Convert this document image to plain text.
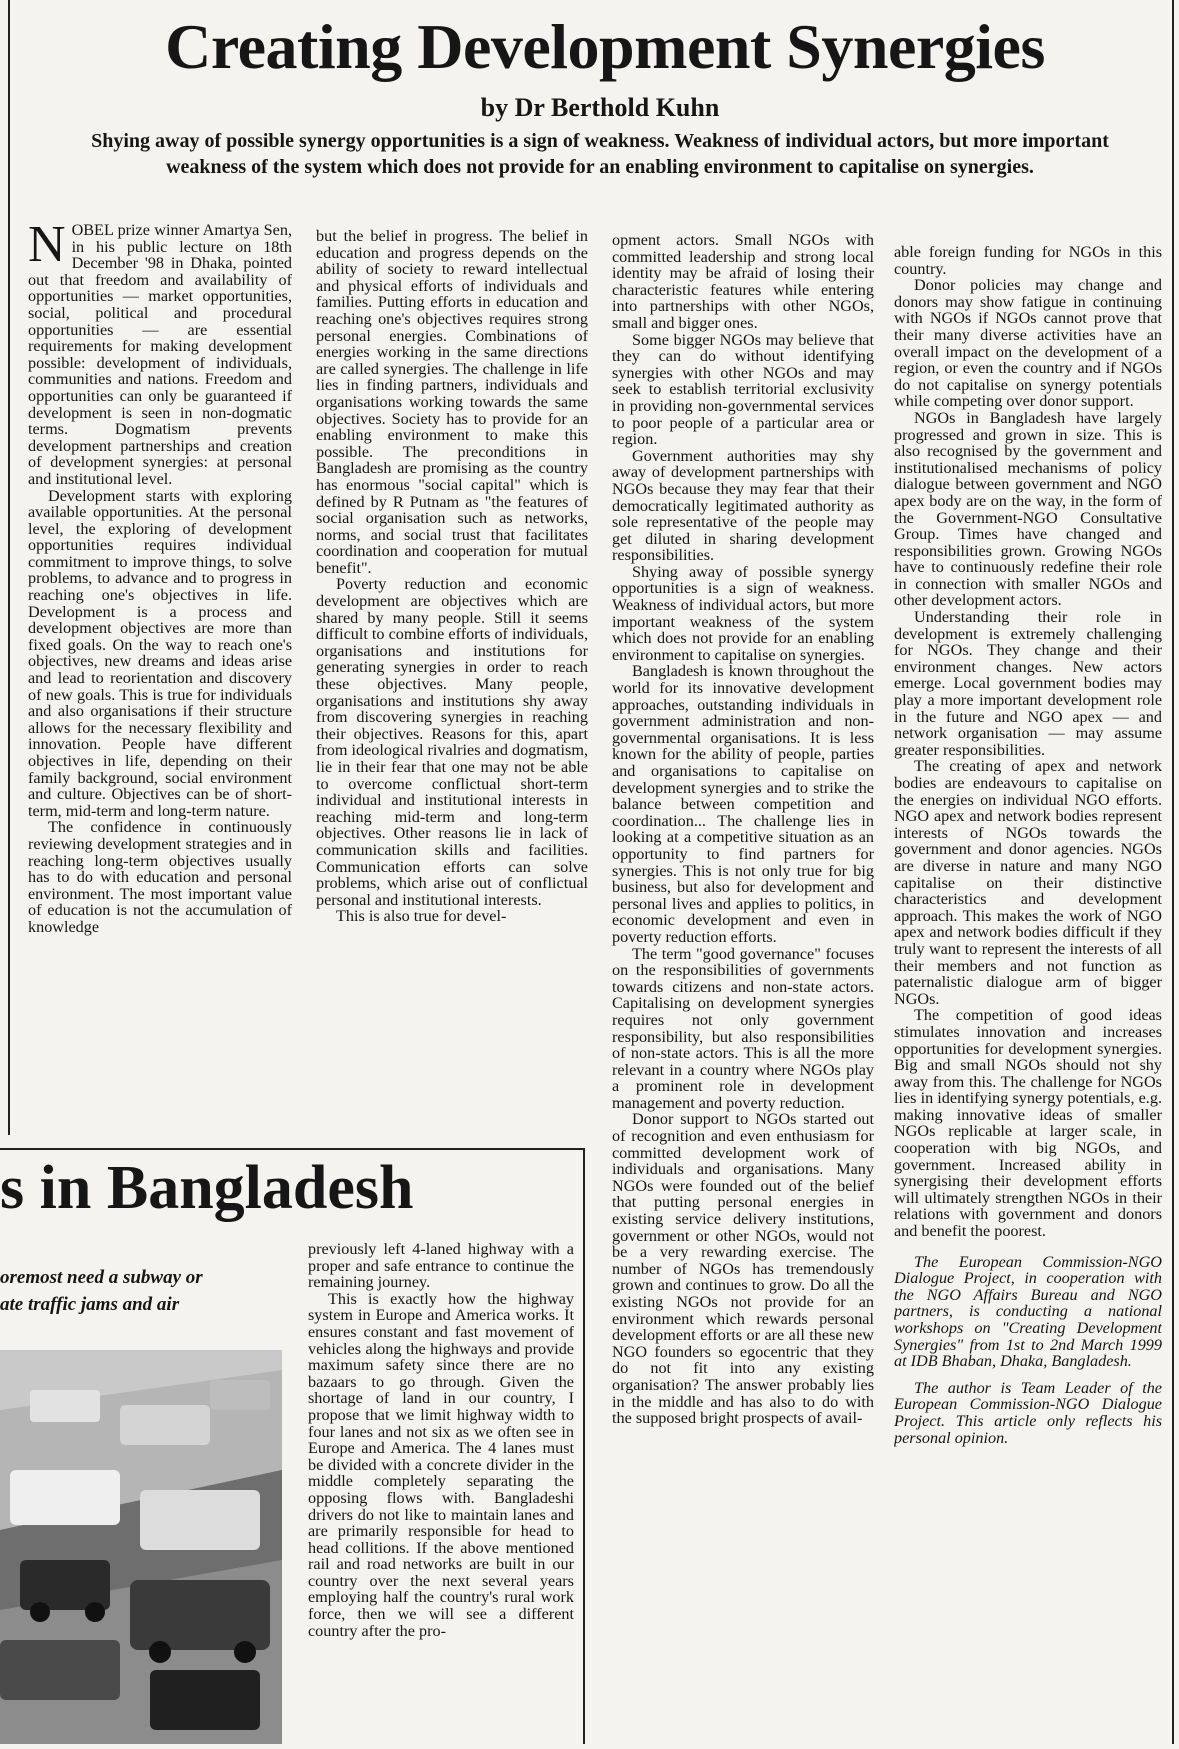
Creating Development Synergies
by Dr Berthold Kuhn
Shying away of possible synergy opportunities is a sign of weakness. Weakness of individual actors, but more important weakness of the system which does not provide for an enabling environment to capitalise on synergies.

NOBEL prize winner Amartya Sen, in his public lecture on 18th December '98 in Dhaka, pointed out that freedom and availability of opportunities — market opportunities, social, political and procedural opportunities — are essential requirements for making development possible: development of individuals, communities and nations. Freedom and opportunities can only be guaranteed if development is seen in non-dogmatic terms. Dogmatism prevents development partnerships and creation of development synergies: at personal and institutional level.

Development starts with exploring available opportunities. At the personal level, the exploring of development opportunities requires individual commitment to improve things, to solve problems, to advance and to progress in reaching one's objectives in life. Development is a process and development objectives are more than fixed goals. On the way to reach one's objectives, new dreams and ideas arise and lead to reorientation and discovery of new goals. This is true for individuals and also organisations if their structure allows for the necessary flexibility and innovation. People have different objectives in life, depending on their family background, social environment and culture. Objectives can be of short-term, mid-term and long-term nature.

The confidence in continuously reviewing development strategies and in reaching long-term objectives usually has to do with education and personal environment. The most important value of education is not the accumulation of knowledge

but the belief in progress. The belief in education and progress depends on the ability of society to reward intellectual and physical efforts of individuals and families. Putting efforts in education and reaching one's objectives requires strong personal energies. Combinations of energies working in the same directions are called synergies. The challenge in life lies in finding partners, individuals and organisations working towards the same objectives. Society has to provide for an enabling environment to make this possible. The preconditions in Bangladesh are promising as the country has enormous "social capital" which is defined by R Putnam as "the features of social organisation such as networks, norms, and social trust that facilitates coordination and cooperation for mutual benefit".

Poverty reduction and economic development are objectives which are shared by many people. Still it seems difficult to combine efforts of individuals, organisations and institutions for generating synergies in order to reach these objectives. Many people, organisations and institutions shy away from discovering synergies in reaching their objectives. Reasons for this, apart from ideological rivalries and dogmatism, lie in their fear that one may not be able to overcome conflictual short-term individual and institutional interests in reaching mid-term and long-term objectives. Other reasons lie in lack of communication skills and facilities. Communication efforts can solve problems, which arise out of conflictual personal and institutional interests.

This is also true for devel-

opment actors. Small NGOs with committed leadership and strong local identity may be afraid of losing their characteristic features while entering into partnerships with other NGOs, small and bigger ones.

Some bigger NGOs may believe that they can do without identifying synergies with other NGOs and may seek to establish territorial exclusivity in providing non-governmental services to poor people of a particular area or region.

Government authorities may shy away of development partnerships with NGOs because they may fear that their democratically legitimated authority as sole representative of the people may get diluted in sharing development responsibilities.

Shying away of possible synergy opportunities is a sign of weakness. Weakness of individual actors, but more important weakness of the system which does not provide for an enabling environment to capitalise on synergies.

Bangladesh is known throughout the world for its innovative development approaches, outstanding individuals in government administration and non-governmental organisations. It is less known for the ability of people, parties and organisations to capitalise on development synergies and to strike the balance between competition and coordination... The challenge lies in looking at a competitive situation as an opportunity to find partners for synergies. This is not only true for big business, but also for development and personal lives and applies to politics, in economic development and even in poverty reduction efforts.

The term "good governance" focuses on the responsibilities of governments towards citizens and non-state actors. Capitalising on development synergies requires not only government responsibility, but also responsibilities of non-state actors. This is all the more relevant in a country where NGOs play a prominent role in development management and poverty reduction.

Donor support to NGOs started out of recognition and even enthusiasm for committed development work of individuals and organisations. Many NGOs were founded out of the belief that putting personal energies in existing service delivery institutions, government or other NGOs, would not be a very rewarding exercise. The number of NGOs has tremendously grown and continues to grow. Do all the existing NGOs not provide for an environment which rewards personal development efforts or are all these new NGO founders so egocentric that they do not fit into any existing organisation? The answer probably lies in the middle and has also to do with the supposed bright prospects of avail-

able foreign funding for NGOs in this country.

Donor policies may change and donors may show fatigue in continuing with NGOs if NGOs cannot prove that their many diverse activities have an overall impact on the development of a region, or even the country and if NGOs do not capitalise on synergy potentials while competing over donor support.

NGOs in Bangladesh have largely progressed and grown in size. This is also recognised by the government and institutionalised mechanisms of policy dialogue between government and NGO apex body are on the way, in the form of the Government-NGO Consultative Group. Times have changed and responsibilities grown. Growing NGOs have to continuously redefine their role in connection with smaller NGOs and other development actors.

Understanding their role in development is extremely challenging for NGOs. They change and their environment changes. New actors emerge. Local government bodies may play a more important development role in the future and NGO apex — and network organisation — may assume greater responsibilities.

The creating of apex and network bodies are endeavours to capitalise on the energies on individual NGO efforts. NGO apex and network bodies represent interests of NGOs towards the government and donor agencies. NGOs are diverse in nature and many NGO capitalise on their distinctive characteristics and development approach. This makes the work of NGO apex and network bodies difficult if they truly want to represent the interests of all their members and not function as paternalistic dialogue arm of bigger NGOs.

The competition of good ideas stimulates innovation and increases opportunities for development synergies. Big and small NGOs should not shy away from this. The challenge for NGOs lies in identifying synergy potentials, e.g. making innovative ideas of smaller NGOs replicable at larger scale, in cooperation with big NGOs, and government. Increased ability in synergising their development efforts will ultimately strengthen NGOs in their relations with government and donors and benefit the poorest.

The European Commission-NGO Dialogue Project, in cooperation with the NGO Affairs Bureau and NGO partners, is conducting a national workshops on "Creating Development Synergies" from 1st to 2nd March 1999 at IDB Bhaban, Dhaka, Bangladesh.

The author is Team Leader of the European Commission-NGO Dialogue Project. This article only reflects his personal opinion.

s in Bangladesh
oremost need a subway or
ate traffic jams and air

previously left 4-laned highway with a proper and safe entrance to continue the remaining journey.

This is exactly how the highway system in Europe and America works. It ensures constant and fast movement of vehicles along the highways and provide maximum safety since there are no bazaars to go through. Given the shortage of land in our country, I propose that we limit highway width to four lanes and not six as we often see in Europe and America. The 4 lanes must be divided with a concrete divider in the middle completely separating the opposing flows with. Bangladeshi drivers do not like to maintain lanes and are primarily responsible for head to head collitions. If the above mentioned rail and road networks are built in our country over the next several years employing half the country's rural work force, then we will see a different country after the pro-
